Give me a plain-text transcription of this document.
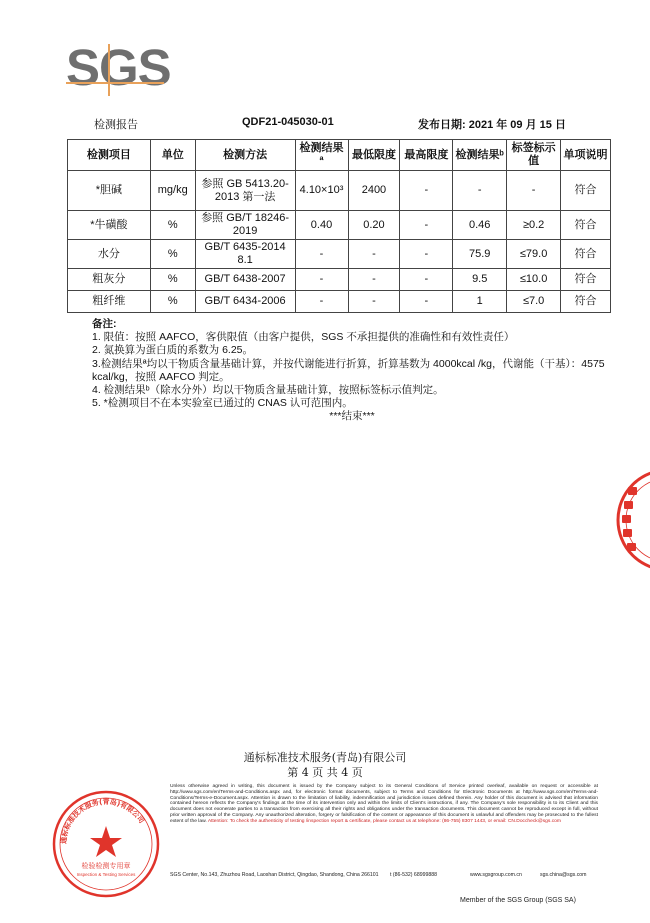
SGS
检测报告	QDF21-045030-01	发布日期: 2021 年 09 月 15 日
检测项目	单位	检测方法	检测结果ª	最低限度	最高限度	检测结果ᵇ	标签标示值	单项说明
*胆碱	mg/kg	参照 GB 5413.20-2013 第一法	4.10×10³	2400	-	-	-	符合
*牛磺酸	%	参照 GB/T 18246-2019	0.40	0.20	-	0.46	≥0.2	符合
水分	%	GB/T 6435-2014 8.1	-	-	-	75.9	≤79.0	符合
粗灰分	%	GB/T 6438-2007	-	-	-	9.5	≤10.0	符合
粗纤维	%	GB/T 6434-2006	-	-	-	1	≤7.0	符合

备注:

1. 限值：按照 AAFCO，客供限值（由客户提供，SGS 不承担提供的准确性和有效性责任）

2. 氮换算为蛋白质的系数为 6.25。

3.检测结果ª均以干物质含量基础计算，并按代谢能进行折算，折算基数为 4000kcal /kg，代谢能（干基）：4575 kcal/kg，按照 AAFCO 判定。

4. 检测结果ᵇ（除水分外）均以干物质含量基础计算，按照标签标示值判定。

5. *检测项目不在本实验室已通过的 CNAS 认可范围内。

***结束***

通标标准技术服务(青岛)有限公司
第 4 页 共 4 页
通标标准技术服务(青岛)有限公司
检验检测专用章
Inspection & Testing Services
Unless otherwise agreed in writing, this document is issued by the Company subject to its General Conditions of Service printed overleaf, available on request or accessible at http://www.sgs.com/en/Terms-and-Conditions.aspx and, for electronic format documents, subject to Terms and Conditions for Electronic Documents at http://www.sgs.com/en/Terms-and-Conditions/Terms-e-Document.aspx. Attention is drawn to the limitation of liability, indemnification and jurisdiction issues defined therein. Any holder of this document is advised that information contained hereon reflects the Company's findings at the time of its intervention only and within the limits of Client's instructions, if any. The Company's sole responsibility is to its Client and this document does not exonerate parties to a transaction from exercising all their rights and obligations under the transaction documents. This document cannot be reproduced except in full, without prior written approval of the Company. Any unauthorized alteration, forgery or falsification of the content or appearance of this document is unlawful and offenders may be prosecuted to the fullest extent of the law. Attention: To check the authenticity of testing /inspection report & certificate, please contact us at telephone: (86-755) 8307 1443, or email: CN.Doccheck@sgs.com
SGS Center, No.143, Zhuzhou Road, Laoshan District, Qingdao, Shandong, China 266101 t (86-532) 68999888	www.sgsgroup.com.cn	sgs.china@sgs.com
Member of the SGS Group (SGS SA)
